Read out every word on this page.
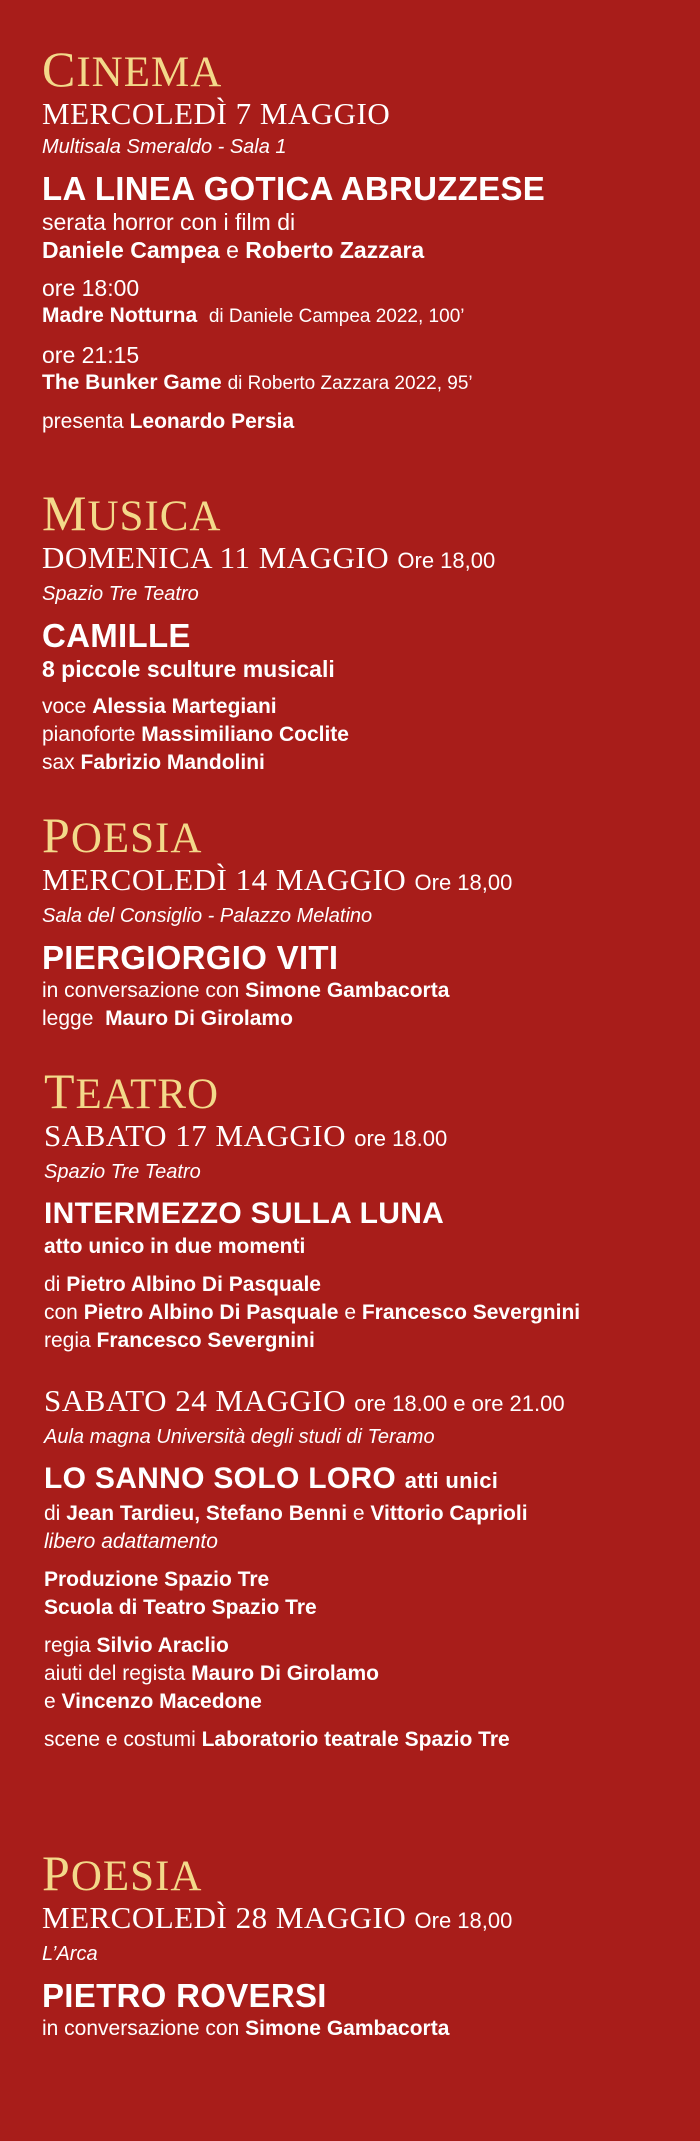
CINEMA
MERCOLEDÌ 7 MAGGIO
Multisala Smeraldo - Sala 1
LA LINEA GOTICA ABRUZZESE
serata horror con i film di
Daniele Campea e Roberto Zazzara
ore 18:00
Madre Notturna di Daniele Campea 2022, 100’
ore 21:15
The Bunker Game di Roberto Zazzara 2022, 95’
presenta Leonardo Persia
MUSICA
DOMENICA 11 MAGGIO Ore 18,00
Spazio Tre Teatro
CAMILLE
8 piccole sculture musicali
voce Alessia Martegiani
pianoforte Massimiliano Coclite
sax Fabrizio Mandolini
POESIA
MERCOLEDÌ 14 MAGGIO Ore 18,00
Sala del Consiglio - Palazzo Melatino
PIERGIORGIO VITI
in conversazione con Simone Gambacorta
legge Mauro Di Girolamo
TEATRO
SABATO 17 MAGGIO ore 18.00
Spazio Tre Teatro
INTERMEZZO SULLA LUNA
atto unico in due momenti
di Pietro Albino Di Pasquale
con Pietro Albino Di Pasquale e Francesco Severgnini
regia Francesco Severgnini
SABATO 24 MAGGIO ore 18.00 e ore 21.00
Aula magna Università degli studi di Teramo
LO SANNO SOLO LORO atti unici
di Jean Tardieu, Stefano Benni e Vittorio Caprioli
libero adattamento
Produzione Spazio Tre
Scuola di Teatro Spazio Tre
regia Silvio Araclio
aiuti del regista Mauro Di Girolamo
e Vincenzo Macedone
scene e costumi Laboratorio teatrale Spazio Tre
POESIA
MERCOLEDÌ 28 MAGGIO Ore 18,00
L’Arca
PIETRO ROVERSI
in conversazione con Simone Gambacorta
